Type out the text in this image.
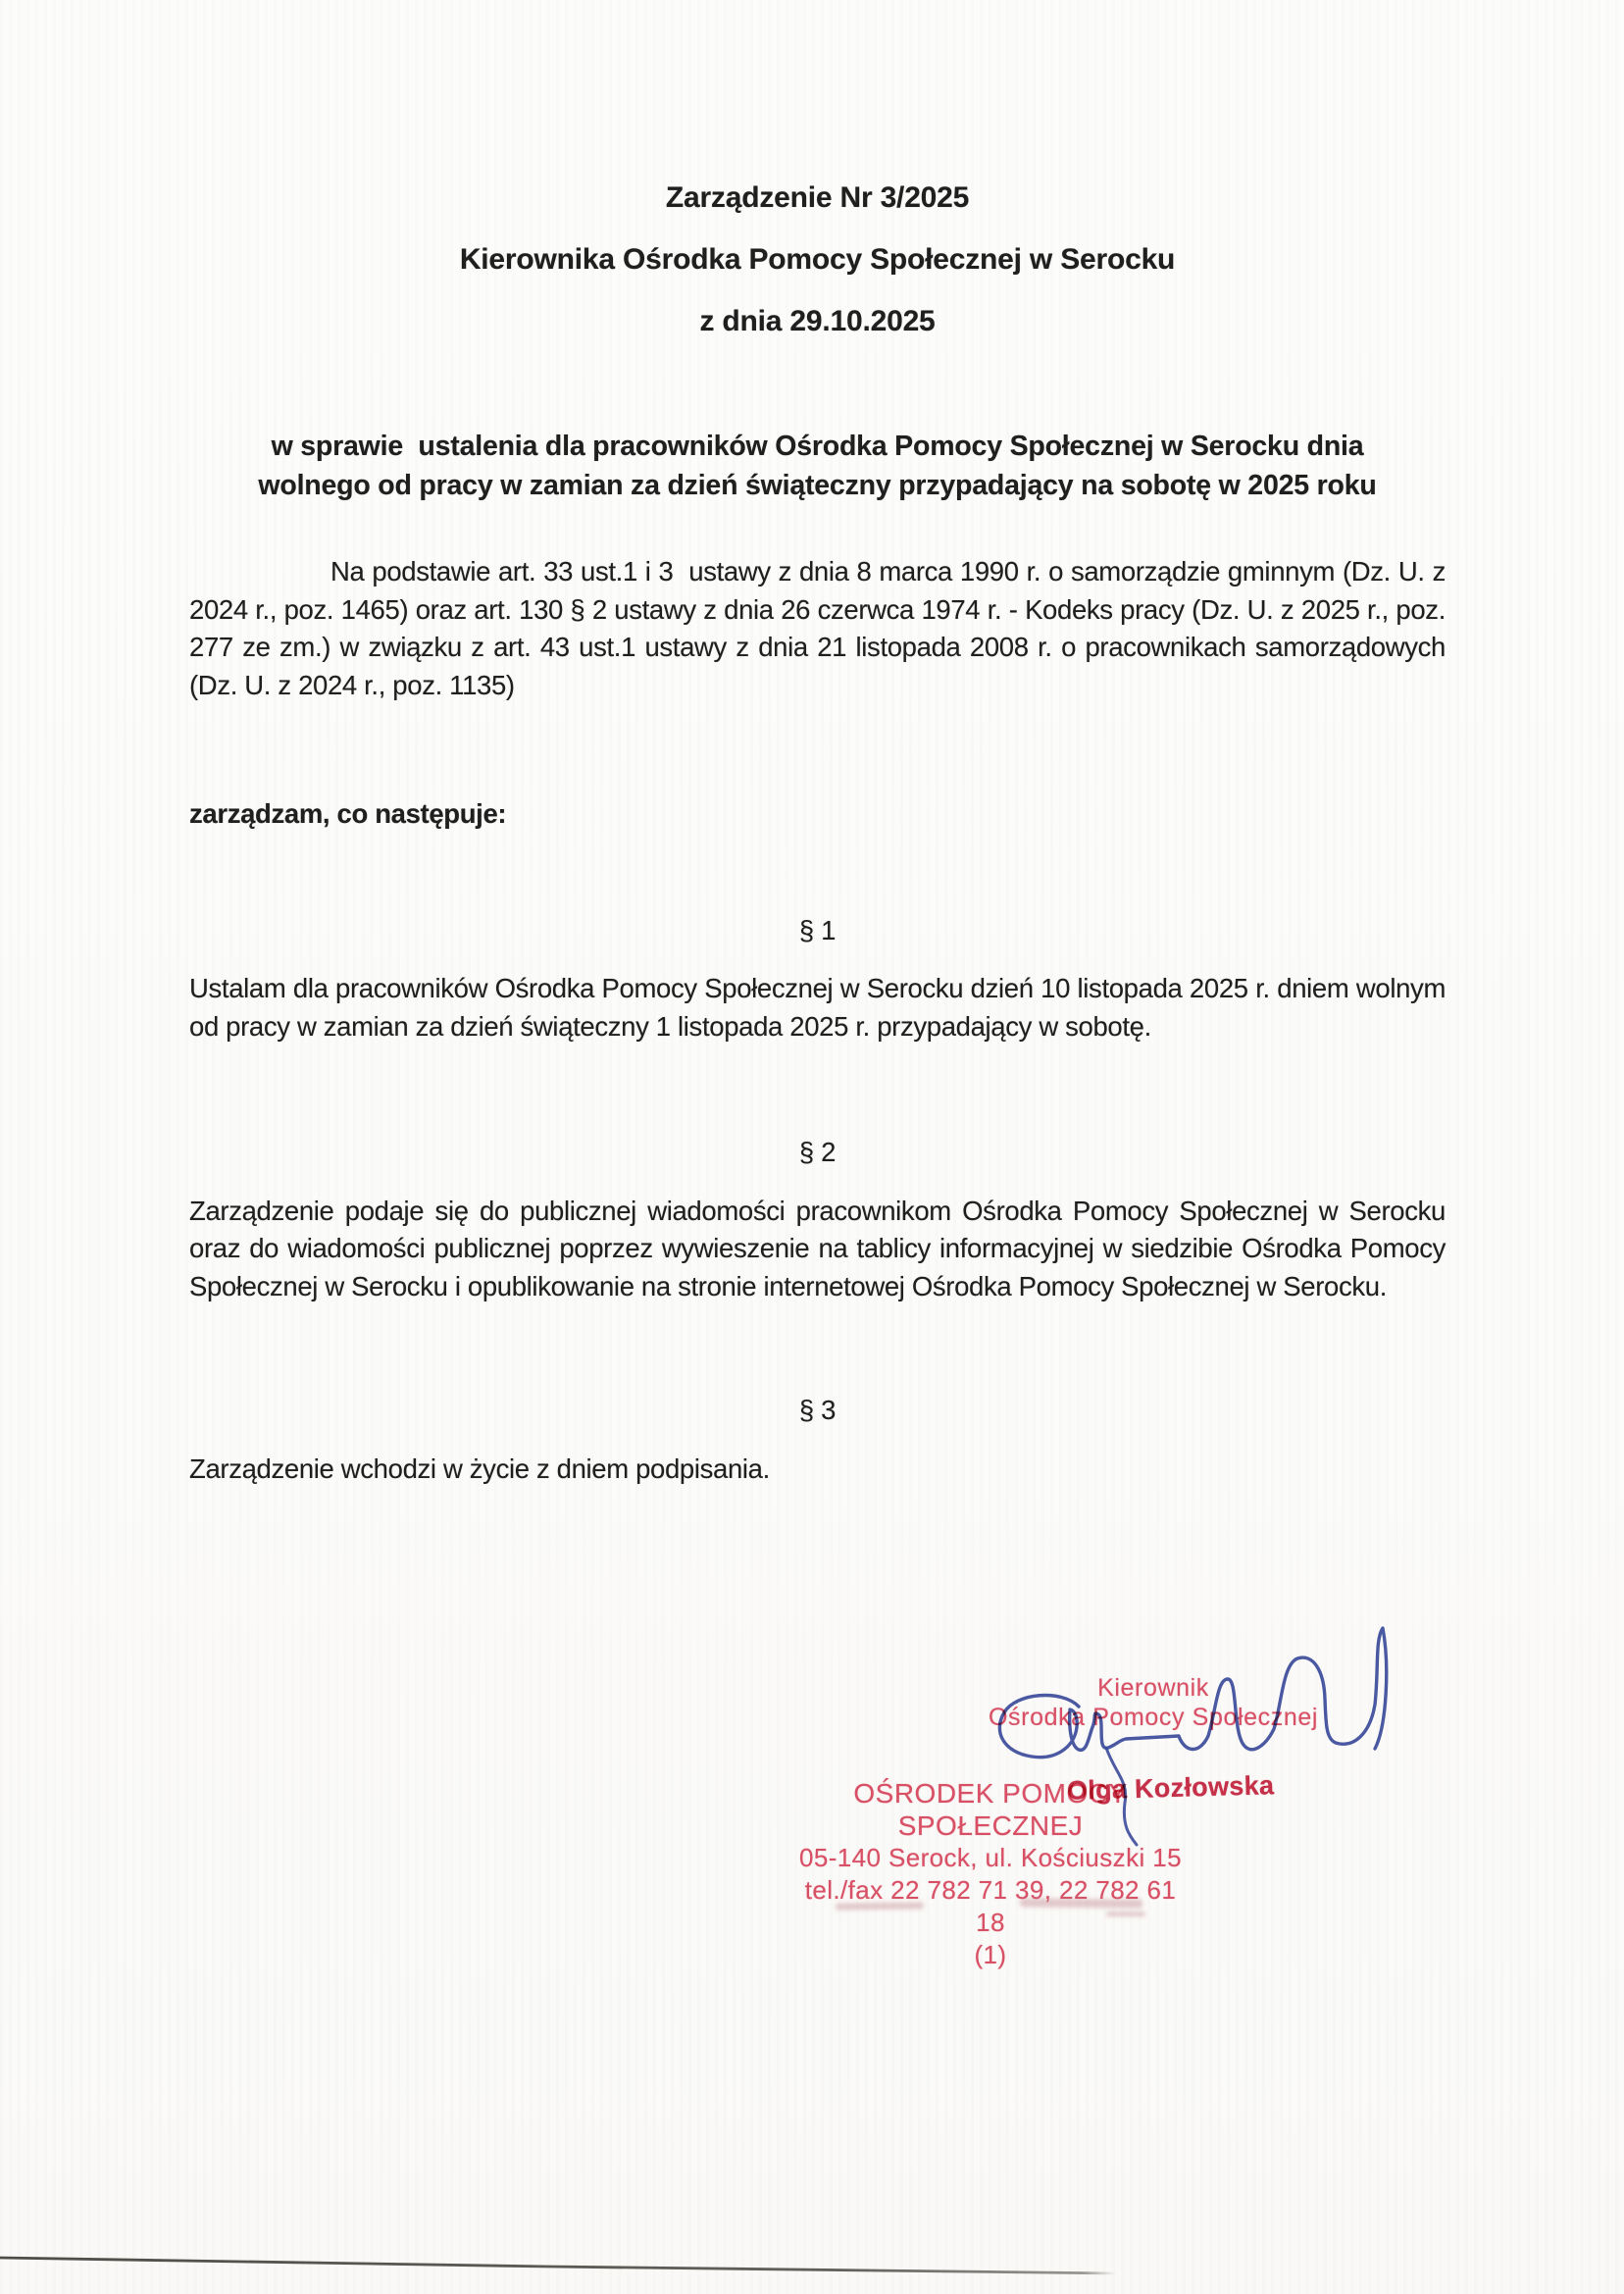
Zarządzenie Nr 3/2025
Kierownika Ośrodka Pomocy Społecznej w Serocku
z dnia 29.10.2025
w sprawie  ustalenia dla pracowników Ośrodka Pomocy Społecznej w Serocku dnia wolnego od pracy w zamian za dzień świąteczny przypadający na sobotę w 2025 roku
Na podstawie art. 33 ust.1 i 3  ustawy z dnia 8 marca 1990 r. o samorządzie gminnym (Dz. U. z 2024 r., poz. 1465) oraz art. 130 § 2 ustawy z dnia 26 czerwca 1974 r. - Kodeks pracy (Dz. U. z 2025 r., poz. 277 ze zm.) w związku z art. 43 ust.1 ustawy z dnia 21 listopada 2008 r. o pracownikach samorządowych (Dz. U. z 2024 r., poz. 1135)
zarządzam, co następuje:
§ 1
Ustalam dla pracowników Ośrodka Pomocy Społecznej w Serocku dzień 10 listopada 2025 r. dniem wolnym od pracy w zamian za dzień świąteczny 1 listopada 2025 r. przypadający w sobotę.
§ 2
Zarządzenie podaje się do publicznej wiadomości pracownikom Ośrodka Pomocy Społecznej w Serocku oraz do wiadomości publicznej poprzez wywieszenie na tablicy informacyjnej w siedzibie Ośrodka Pomocy Społecznej w Serocku i opublikowanie na stronie internetowej Ośrodka Pomocy Społecznej w Serocku.
§ 3
Zarządzenie wchodzi w życie z dniem podpisania.
Kierownik
Ośrodka Pomocy Społecznej
OŚRODEK POMOCY SPOŁECZNEJ
05-140 Serock, ul. Kościuszki 15
tel./fax 22 782 71 39, 22 782 61 18
(1)
Olga Kozłowska
